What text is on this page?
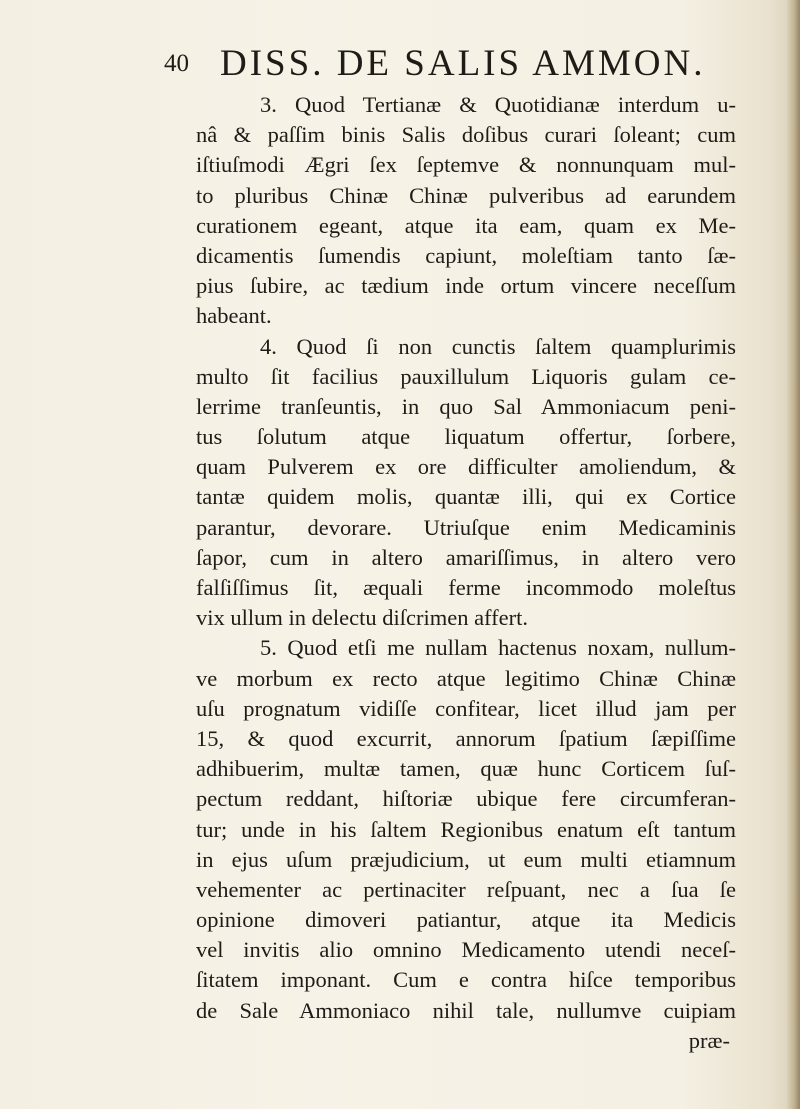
40 DISS. DE SALIS AMMON.
3. Quod Tertianæ & Quotidianæ interdum u-
nâ & paſſim binis Salis doſibus curari ſoleant; cum
iſtiuſmodi Ægri ſex ſeptemve & nonnunquam mul-
to pluribus Chinæ Chinæ pulveribus ad earundem
curationem egeant, atque ita eam, quam ex Me-
dicamentis ſumendis capiunt, moleſtiam tanto ſæ-
pius ſubire, ac tædium inde ortum vincere neceſſum
habeant.
4. Quod ſi non cunctis ſaltem quamplurimis
multo ſit facilius pauxillulum Liquoris gulam ce-
lerrime tranſeuntis, in quo Sal Ammoniacum peni-
tus ſolutum atque liquatum offertur, ſorbere,
quam Pulverem ex ore difficulter amoliendum, &
tantæ quidem molis, quantæ illi, qui ex Cortice
parantur, devorare. Utriuſque enim Medicaminis
ſapor, cum in altero amariſſimus, in altero vero
falſiſſimus ſit, æquali ferme incommodo moleſtus
vix ullum in delectu diſcrimen affert.
5. Quod etſi me nullam hactenus noxam, nullum-
ve morbum ex recto atque legitimo Chinæ Chinæ
uſu prognatum vidiſſe confitear, licet illud jam per
15, & quod excurrit, annorum ſpatium ſæpiſſime
adhibuerim, multæ tamen, quæ hunc Corticem ſuſ-
pectum reddant, hiſtoriæ ubique fere circumferan-
tur; unde in his ſaltem Regionibus enatum eſt tantum
in ejus uſum præjudicium, ut eum multi etiamnum
vehementer ac pertinaciter reſpuant, nec a ſua ſe
opinione dimoveri patiantur, atque ita Medicis
vel invitis alio omnino Medicamento utendi neceſ-
ſitatem imponant. Cum e contra hiſce temporibus
de Sale Ammoniaco nihil tale, nullumve cuipiam
præ-
